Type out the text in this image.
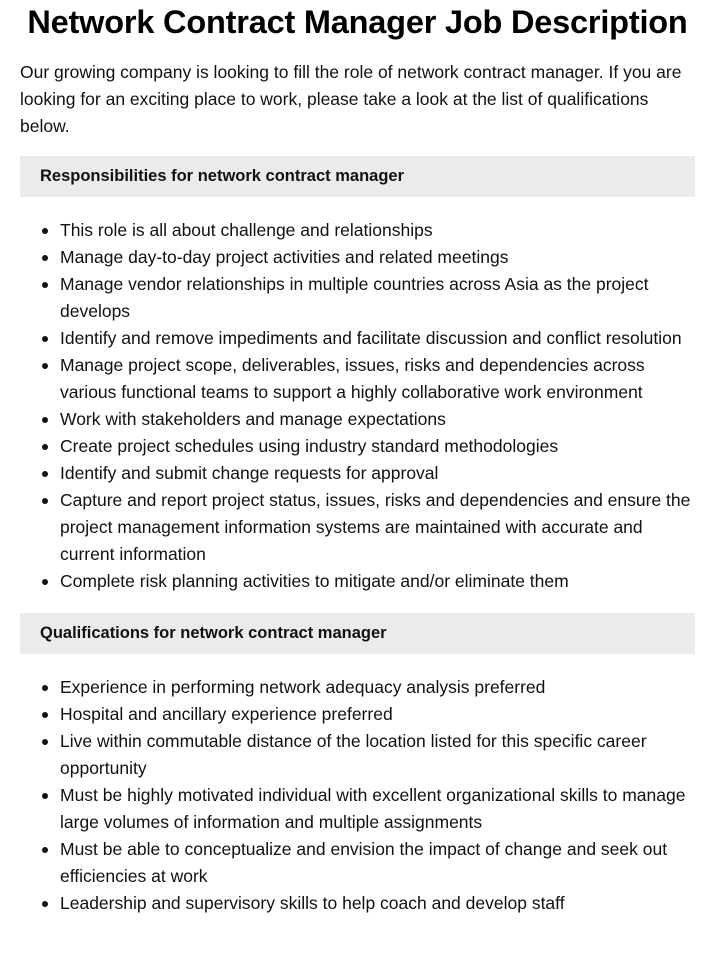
Network Contract Manager Job Description

Our growing company is looking to fill the role of network contract manager. If you are looking for an exciting place to work, please take a look at the list of qualifications below.

Responsibilities for network contract manager
This role is all about challenge and relationships
Manage day-to-day project activities and related meetings
Manage vendor relationships in multiple countries across Asia as the project develops
Identify and remove impediments and facilitate discussion and conflict resolution
Manage project scope, deliverables, issues, risks and dependencies across various functional teams to support a highly collaborative work environment
Work with stakeholders and manage expectations
Create project schedules using industry standard methodologies
Identify and submit change requests for approval
Capture and report project status, issues, risks and dependencies and ensure the project management information systems are maintained with accurate and current information
Complete risk planning activities to mitigate and/or eliminate them
Qualifications for network contract manager
Experience in performing network adequacy analysis preferred
Hospital and ancillary experience preferred
Live within commutable distance of the location listed for this specific career opportunity
Must be highly motivated individual with excellent organizational skills to manage large volumes of information and multiple assignments
Must be able to conceptualize and envision the impact of change and seek out efficiencies at work
Leadership and supervisory skills to help coach and develop staff
